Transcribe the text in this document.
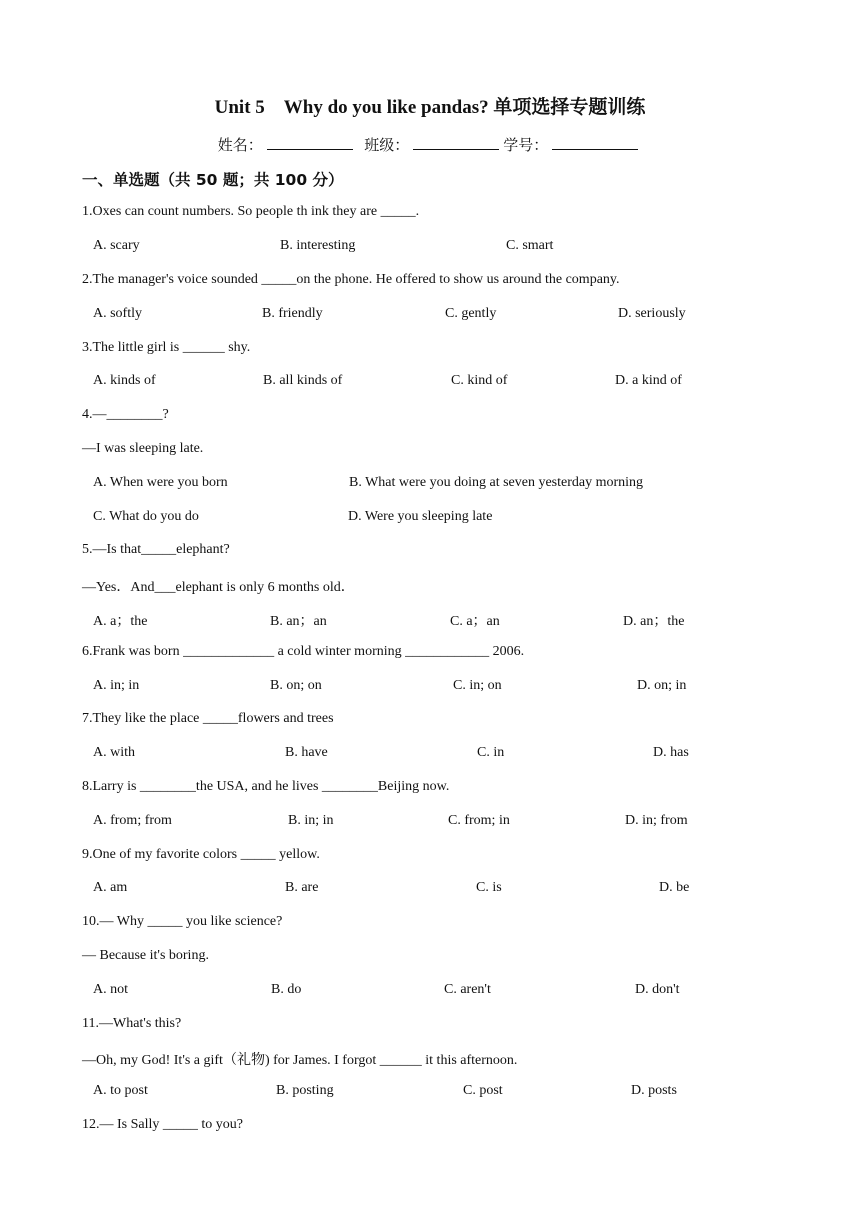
Unit 5　Why do you like pandas? 单项选择专题训练
姓名：	班级：	学号：
一、单选题（共 50 题；共 100 分）
1.Oxes can count numbers. So people th ink they are _____.
A. scary	B. interesting	C. smart
2.The manager's voice sounded _____on the phone. He offered to show us around the company.
A. softly	B. friendly	C. gently	D. seriously
3.The little girl is ______ shy.
A. kinds of	B. all kinds of	C. kind of	D. a kind of
4.—________?
—I was sleeping late.
A. When were you born	B. What were you doing at seven yesterday morning
C. What do you do	D. Were you sleeping late
5.—Is that_____elephant?
—Yes．And___elephant is only 6 months old．
A. a；the	B. an；an	C. a；an	D. an；the
6.Frank was born _____________ a cold winter morning ____________ 2006.
A. in; in	B. on; on	C. in; on	D. on; in
7.They like the place _____flowers and trees
A. with	B. have	C. in	D. has
8.Larry is ________the USA, and he lives ________Beijing now.
A. from; from	B. in; in	C. from; in	D. in; from
9.One of my favorite colors _____ yellow.
A. am	B. are	C. is	D. be
10.— Why _____ you like science?
— Because it's boring.
A. not	B. do	C. aren't	D. don't
11.—What's this?
—Oh, my God! It's a gift（礼物) for James. I forgot ______ it this afternoon.
A. to post	B. posting	C. post	D. posts
12.— Is Sally _____ to you?
